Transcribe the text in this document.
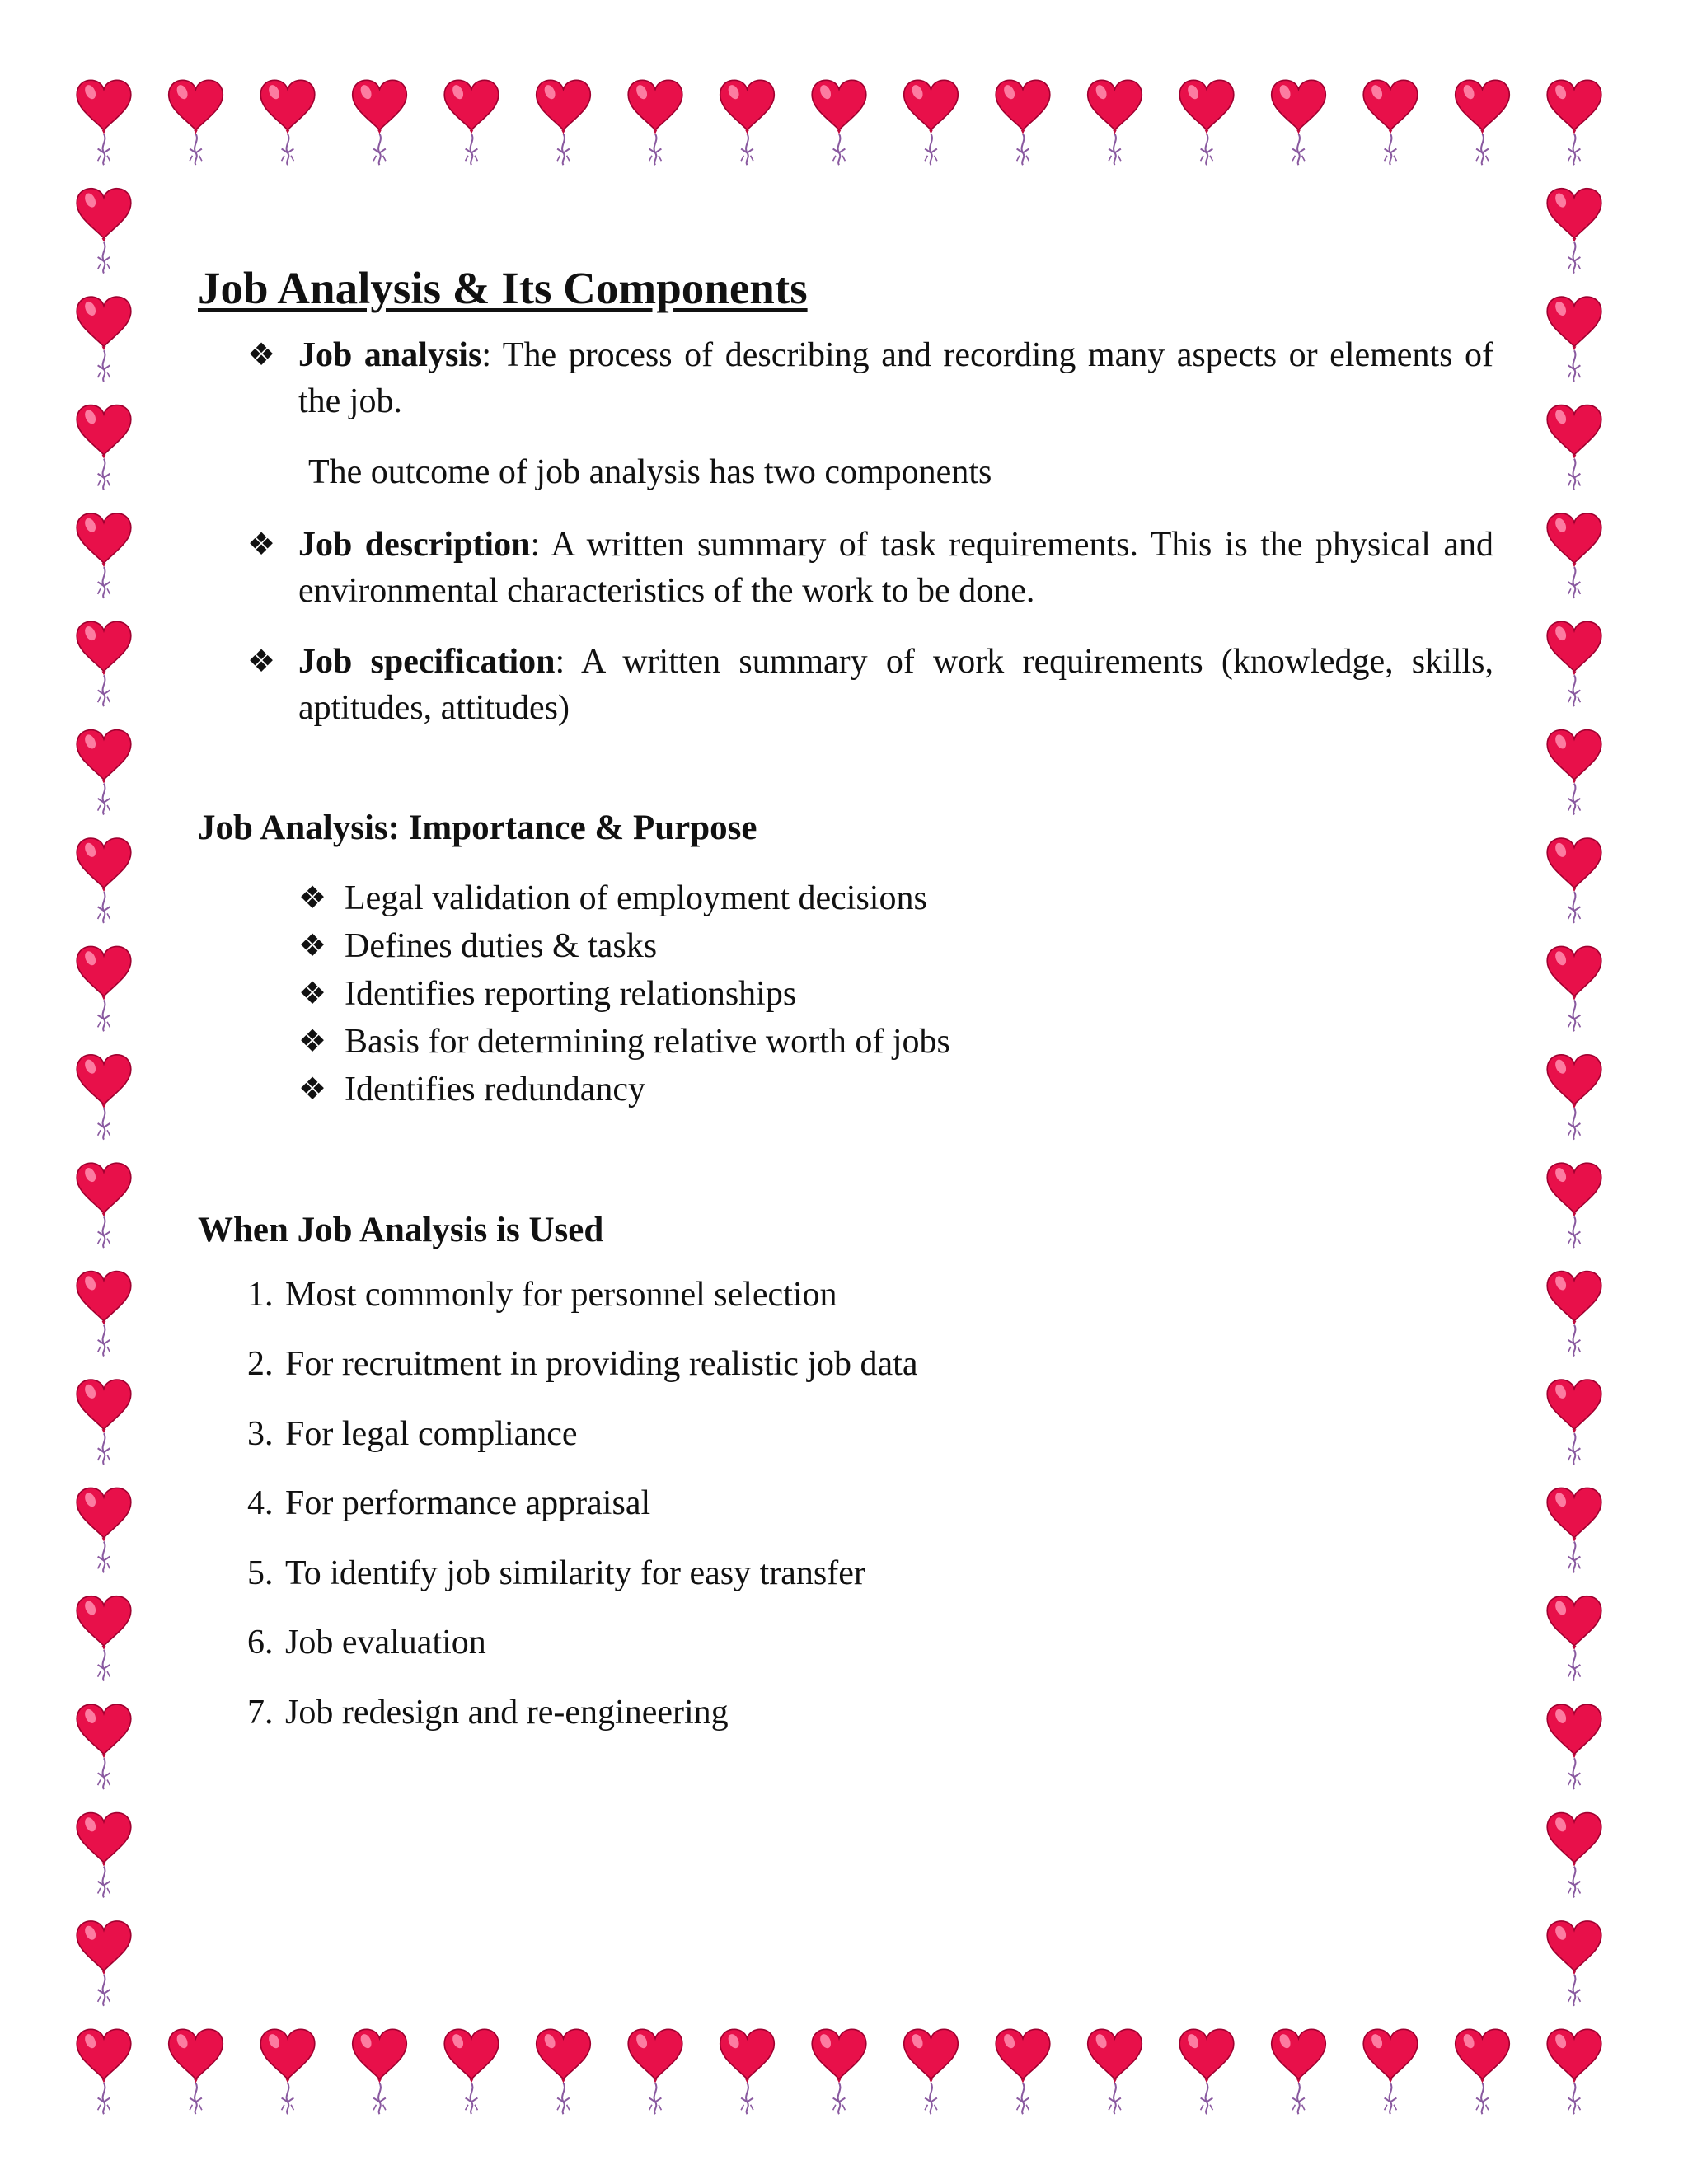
Job Analysis & Its Components
❖ Job analysis: The process of describing and recording many aspects or elements of the job.
The outcome of job analysis has two components
❖ Job description: A written summary of task requirements. This is the physical and environmental characteristics of the work to be done.
❖ Job specification: A written summary of work requirements (knowledge, skills, aptitudes, attitudes)
Job Analysis: Importance & Purpose
❖ Legal validation of employment decisions
❖ Defines duties & tasks
❖ Identifies reporting relationships
❖ Basis for determining relative worth of jobs
❖ Identifies redundancy
When Job Analysis is Used
1. Most commonly for personnel selection
2. For recruitment in providing realistic job data
3. For legal compliance
4. For performance appraisal
5. To identify job similarity for easy transfer
6. Job evaluation
7. Job redesign and re-engineering
